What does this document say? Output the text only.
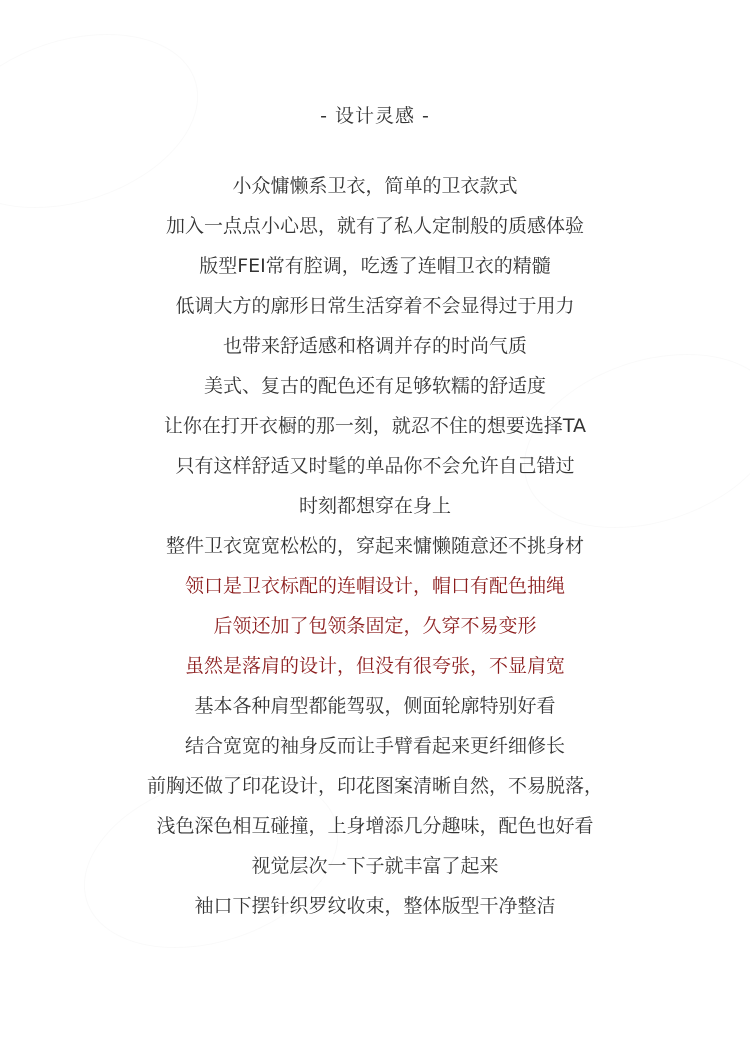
- 设计灵感 -
小众慵懒系卫衣，简单的卫衣款式
加入一点点小心思，就有了私人定制般的质感体验
版型FEI常有腔调，吃透了连帽卫衣的精髓
低调大方的廓形日常生活穿着不会显得过于用力
也带来舒适感和格调并存的时尚气质
美式、复古的配色还有足够软糯的舒适度
让你在打开衣橱的那一刻，就忍不住的想要选择TA
只有这样舒适又时髦的单品你不会允许自己错过
时刻都想穿在身上
整件卫衣宽宽松松的，穿起来慵懒随意还不挑身材
领口是卫衣标配的连帽设计，帽口有配色抽绳
后领还加了包领条固定，久穿不易变形
虽然是落肩的设计，但没有很夸张，不显肩宽
基本各种肩型都能驾驭，侧面轮廓特别好看
结合宽宽的袖身反而让手臂看起来更纤细修长
前胸还做了印花设计，印花图案清晰自然，不易脱落，
浅色深色相互碰撞，上身增添几分趣味，配色也好看
视觉层次一下子就丰富了起来
袖口下摆针织罗纹收束，整体版型干净整洁
